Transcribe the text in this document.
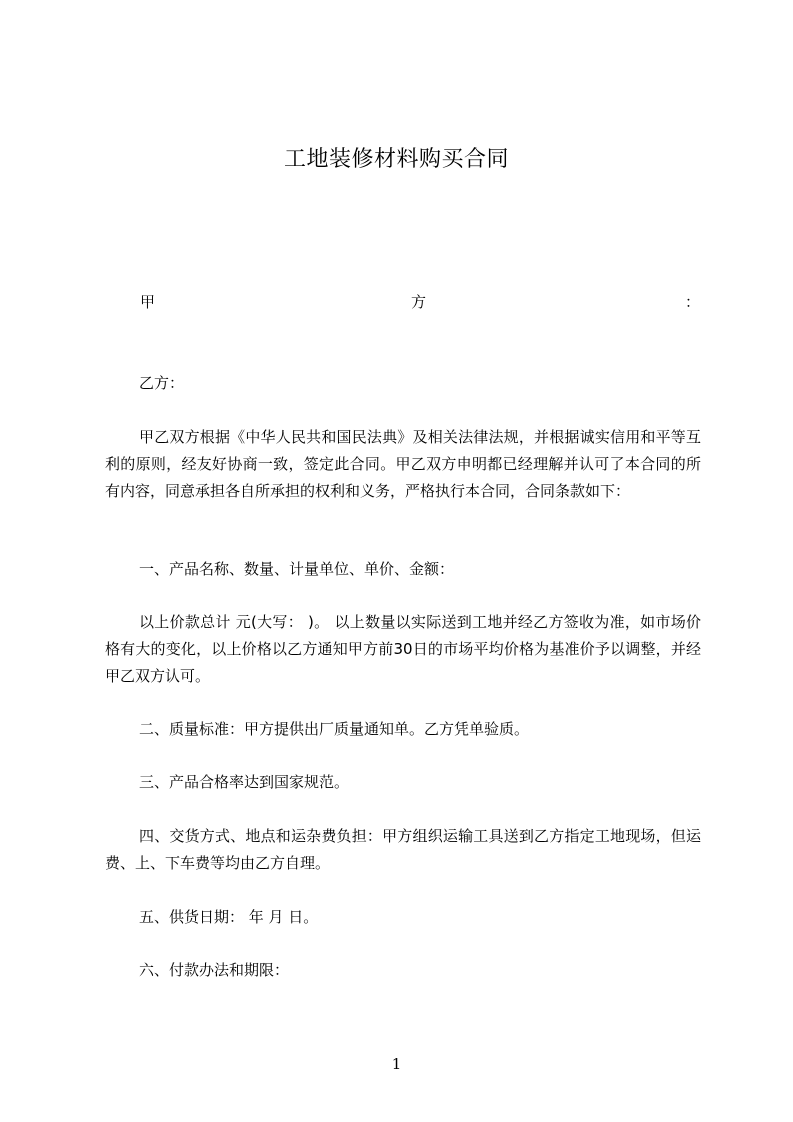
工地装修材料购买合同
甲	方	：

乙方：

甲乙双方根据《中华人民共和国民法典》及相关法律法规，并根据诚实信用和平等互利的原则，经友好协商一致，签定此合同。甲乙双方申明都已经理解并认可了本合同的所有内容，同意承担各自所承担的权利和义务，严格执行本合同，合同条款如下：

一、产品名称、数量、计量单位、单价、金额：

以上价款总计 元(大写： )。 以上数量以实际送到工地并经乙方签收为准，如市场价格有大的变化，以上价格以乙方通知甲方前30日的市场平均价格为基准价予以调整，并经甲乙双方认可。

二、质量标准：甲方提供出厂质量通知单。乙方凭单验质。

三、产品合格率达到国家规范。

四、交货方式、地点和运杂费负担：甲方组织运输工具送到乙方指定工地现场，但运费、上、下车费等均由乙方自理。

五、供货日期： 年 月 日。

六、付款办法和期限：

1
